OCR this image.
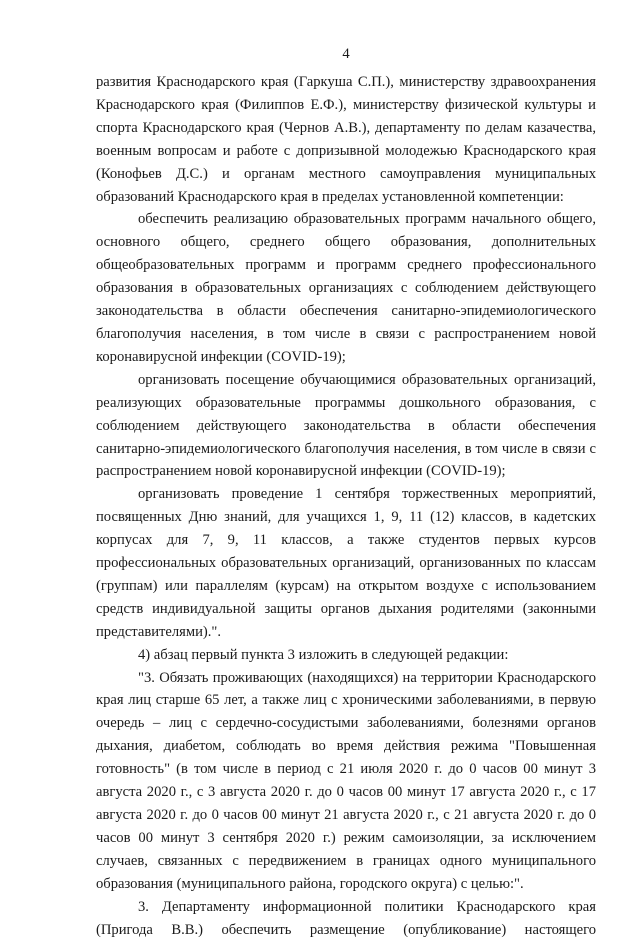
4

развития Краснодарского края (Гаркуша С.П.), министерству здравоохранения Краснодарского края (Филиппов Е.Ф.), министерству физической культуры и спорта Краснодарского края (Чернов А.В.), департаменту по делам казачества, военным вопросам и работе с допризывной молодежью Краснодарского края (Конофьев Д.С.) и органам местного самоуправления муниципальных образований Краснодарского края в пределах установленной компетенции:

обеспечить реализацию образовательных программ начального общего, основного общего, среднего общего образования, дополнительных общеобразовательных программ и программ среднего профессионального образования в образовательных организациях с соблюдением действующего законодательства в области обеспечения санитарно-эпидемиологического благополучия населения, в том числе в связи с распространением новой коронавирусной инфекции (COVID-19);

организовать посещение обучающимися образовательных организаций, реализующих образовательные программы дошкольного образования, с соблюдением действующего законодательства в области обеспечения санитарно-эпидемиологического благополучия населения, в том числе в связи с распространением новой коронавирусной инфекции (COVID-19);

организовать проведение 1 сентября торжественных мероприятий, посвященных Дню знаний, для учащихся 1, 9, 11 (12) классов, в кадетских корпусах для 7, 9, 11 классов, а также студентов первых курсов профессиональных образовательных организаций, организованных по классам (группам) или параллелям (курсам) на открытом воздухе с использованием средств индивидуальной защиты органов дыхания родителями (законными представителями).".

4) абзац первый пункта 3 изложить в следующей редакции:

"3. Обязать проживающих (находящихся) на территории Краснодарского края лиц старше 65 лет, а также лиц с хроническими заболеваниями, в первую очередь – лиц с сердечно-сосудистыми заболеваниями, болезнями органов дыхания, диабетом, соблюдать во время действия режима "Повышенная готовность" (в том числе в период с 21 июля 2020 г. до 0 часов 00 минут 3 августа 2020 г., с 3 августа 2020 г. до 0 часов 00 минут 17 августа 2020 г., с 17 августа 2020 г. до 0 часов 00 минут 21 августа 2020 г., с 21 августа 2020 г. до 0 часов 00 минут 3 сентября 2020 г.) режим самоизоляции, за исключением случаев, связанных с передвижением в границах одного муниципального образования (муниципального района, городского округа) с целью:".

3. Департаменту информационной политики Краснодарского края (Пригода В.В.) обеспечить размещение (опубликование) настоящего
